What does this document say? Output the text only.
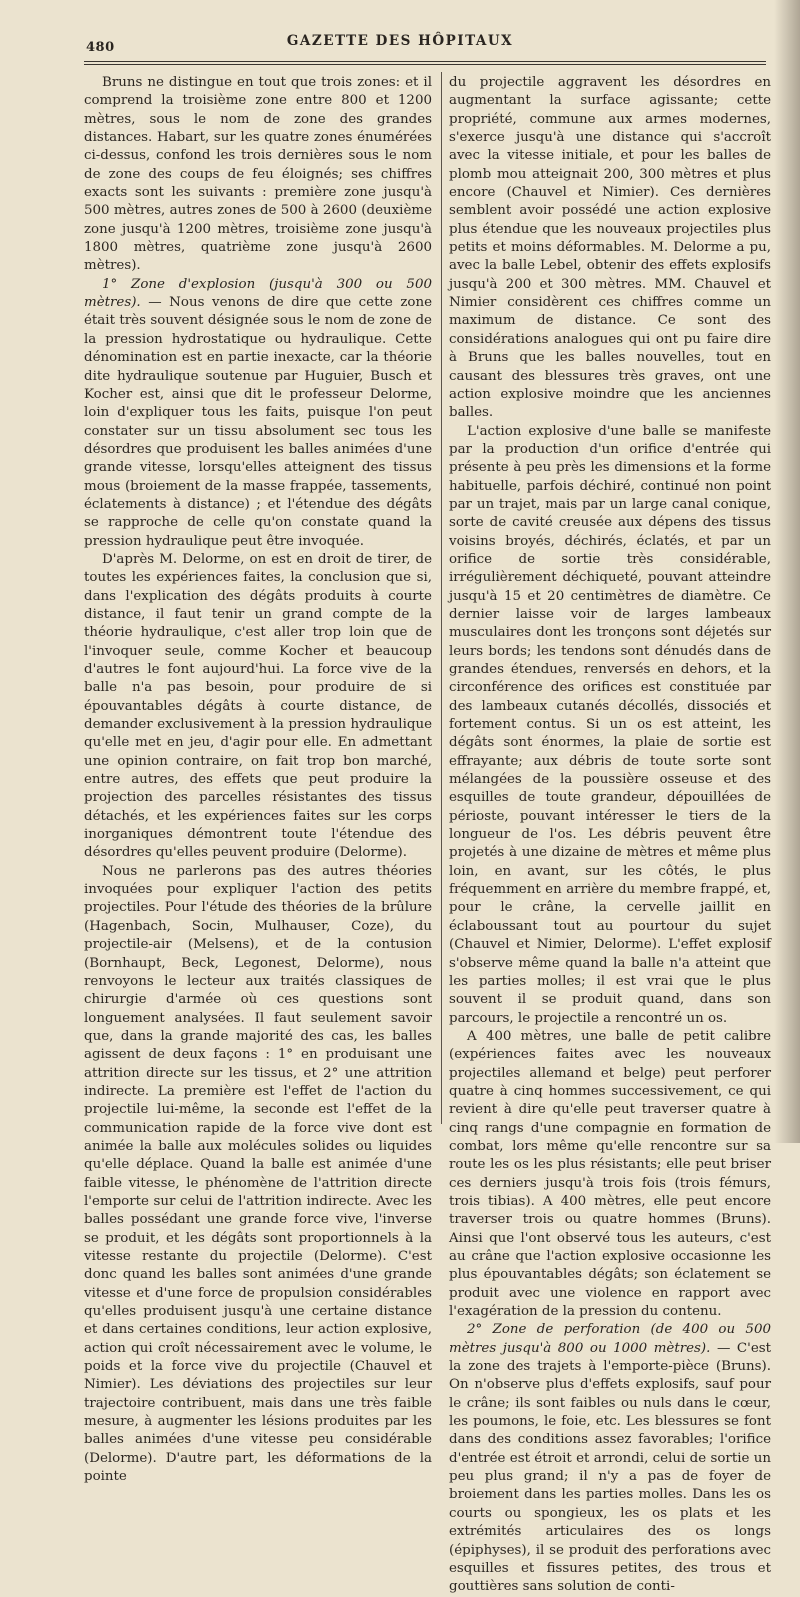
480	GAZETTE DES HÔPITAUX

Bruns ne distingue en tout que trois zones: et il comprend la troisième zone entre 800 et 1200 mètres, sous le nom de zone des grandes distances. Habart, sur les quatre zones énumérées ci-dessus, confond les trois dernières sous le nom de zone des coups de feu éloignés; ses chiffres exacts sont les suivants : première zone jusqu'à 500 mètres, autres zones de 500 à 2600 (deuxième zone jusqu'à 1200 mètres, troisième zone jusqu'à 1800 mètres, quatrième zone jusqu'à 2600 mètres).

1° Zone d'explosion (jusqu'à 300 ou 500 mètres). — Nous venons de dire que cette zone était très souvent désignée sous le nom de zone de la pression hydrostatique ou hydraulique. Cette dénomination est en partie inexacte, car la théorie dite hydraulique soutenue par Huguier, Busch et Kocher est, ainsi que dit le professeur Delorme, loin d'expliquer tous les faits, puisque l'on peut constater sur un tissu absolument sec tous les désordres que produisent les balles animées d'une grande vitesse, lorsqu'elles atteignent des tissus mous (broiement de la masse frappée, tassements, éclatements à distance) ; et l'étendue des dégâts se rapproche de celle qu'on constate quand la pression hydraulique peut être invoquée.

D'après M. Delorme, on est en droit de tirer, de toutes les expériences faites, la conclusion que si, dans l'explication des dégâts produits à courte distance, il faut tenir un grand compte de la théorie hydraulique, c'est aller trop loin que de l'invoquer seule, comme Kocher et beaucoup d'autres le font aujourd'hui. La force vive de la balle n'a pas besoin, pour produire de si épouvantables dégâts à courte distance, de demander exclusivement à la pression hydraulique qu'elle met en jeu, d'agir pour elle. En admettant une opinion contraire, on fait trop bon marché, entre autres, des effets que peut produire la projection des parcelles résistantes des tissus détachés, et les expériences faites sur les corps inorganiques démontrent toute l'étendue des désordres qu'elles peuvent produire (Delorme).

Nous ne parlerons pas des autres théories invoquées pour expliquer l'action des petits projectiles. Pour l'étude des théories de la brûlure (Hagenbach, Socin, Mulhauser, Coze), du projectile-air (Melsens), et de la contusion (Bornhaupt, Beck, Legonest, Delorme), nous renvoyons le lecteur aux traités classiques de chirurgie d'armée où ces questions sont longuement analysées. Il faut seulement savoir que, dans la grande majorité des cas, les balles agissent de deux façons : 1° en produisant une attrition directe sur les tissus, et 2° une attrition indirecte. La première est l'effet de l'action du projectile lui-même, la seconde est l'effet de la communication rapide de la force vive dont est animée la balle aux molécules solides ou liquides qu'elle déplace. Quand la balle est animée d'une faible vitesse, le phénomène de l'attrition directe l'emporte sur celui de l'attrition indirecte. Avec les balles possédant une grande force vive, l'inverse se produit, et les dégâts sont proportionnels à la vitesse restante du projectile (Delorme). C'est donc quand les balles sont animées d'une grande vitesse et d'une force de propulsion considérables qu'elles produisent jusqu'à une certaine distance et dans certaines conditions, leur action explosive, action qui croît nécessairement avec le volume, le poids et la force vive du projectile (Chauvel et Nimier). Les déviations des projectiles sur leur trajectoire contribuent, mais dans une très faible mesure, à augmenter les lésions produites par les balles animées d'une vitesse peu considérable (Delorme). D'autre part, les déformations de la pointe

du projectile aggravent les désordres en augmentant la surface agissante; cette propriété, commune aux armes modernes, s'exerce jusqu'à une distance qui s'accroît avec la vitesse initiale, et pour les balles de plomb mou atteignait 200, 300 mètres et plus encore (Chauvel et Nimier). Ces dernières semblent avoir possédé une action explosive plus étendue que les nouveaux projectiles plus petits et moins déformables. M. Delorme a pu, avec la balle Lebel, obtenir des effets explosifs jusqu'à 200 et 300 mètres. MM. Chauvel et Nimier considèrent ces chiffres comme un maximum de distance. Ce sont des considérations analogues qui ont pu faire dire à Bruns que les balles nouvelles, tout en causant des blessures très graves, ont une action explosive moindre que les anciennes balles.

L'action explosive d'une balle se manifeste par la production d'un orifice d'entrée qui présente à peu près les dimensions et la forme habituelle, parfois déchiré, continué non point par un trajet, mais par un large canal conique, sorte de cavité creusée aux dépens des tissus voisins broyés, déchirés, éclatés, et par un orifice de sortie très considérable, irrégulièrement déchiqueté, pouvant atteindre jusqu'à 15 et 20 centimètres de diamètre. Ce dernier laisse voir de larges lambeaux musculaires dont les tronçons sont déjetés sur leurs bords; les tendons sont dénudés dans de grandes étendues, renversés en dehors, et la circonférence des orifices est constituée par des lambeaux cutanés décollés, dissociés et fortement contus. Si un os est atteint, les dégâts sont énormes, la plaie de sortie est effrayante; aux débris de toute sorte sont mélangées de la poussière osseuse et des esquilles de toute grandeur, dépouillées de périoste, pouvant intéresser le tiers de la longueur de l'os. Les débris peuvent être projetés à une dizaine de mètres et même plus loin, en avant, sur les côtés, le plus fréquemment en arrière du membre frappé, et, pour le crâne, la cervelle jaillit en éclaboussant tout au pourtour du sujet (Chauvel et Nimier, Delorme). L'effet explosif s'observe même quand la balle n'a atteint que les parties molles; il est vrai que le plus souvent il se produit quand, dans son parcours, le projectile a rencontré un os.

A 400 mètres, une balle de petit calibre (expériences faites avec les nouveaux projectiles allemand et belge) peut perforer quatre à cinq hommes successivement, ce qui revient à dire qu'elle peut traverser quatre à cinq rangs d'une compagnie en formation de combat, lors même qu'elle rencontre sur sa route les os les plus résistants; elle peut briser ces derniers jusqu'à trois fois (trois fémurs, trois tibias). A 400 mètres, elle peut encore traverser trois ou quatre hommes (Bruns). Ainsi que l'ont observé tous les auteurs, c'est au crâne que l'action explosive occasionne les plus épouvantables dégâts; son éclatement se produit avec une violence en rapport avec l'exagération de la pression du contenu.

2° Zone de perforation (de 400 ou 500 mètres jusqu'à 800 ou 1000 mètres). — C'est la zone des trajets à l'emporte-pièce (Bruns). On n'observe plus d'effets explosifs, sauf pour le crâne; ils sont faibles ou nuls dans le cœur, les poumons, le foie, etc. Les blessures se font dans des conditions assez favorables; l'orifice d'entrée est étroit et arrondi, celui de sortie un peu plus grand; il n'y a pas de foyer de broiement dans les parties molles. Dans les os courts ou spongieux, les os plats et les extrémités articulaires des os longs (épiphyses), il se produit des perforations avec esquilles et fissures petites, des trous et gouttières sans solution de conti-
